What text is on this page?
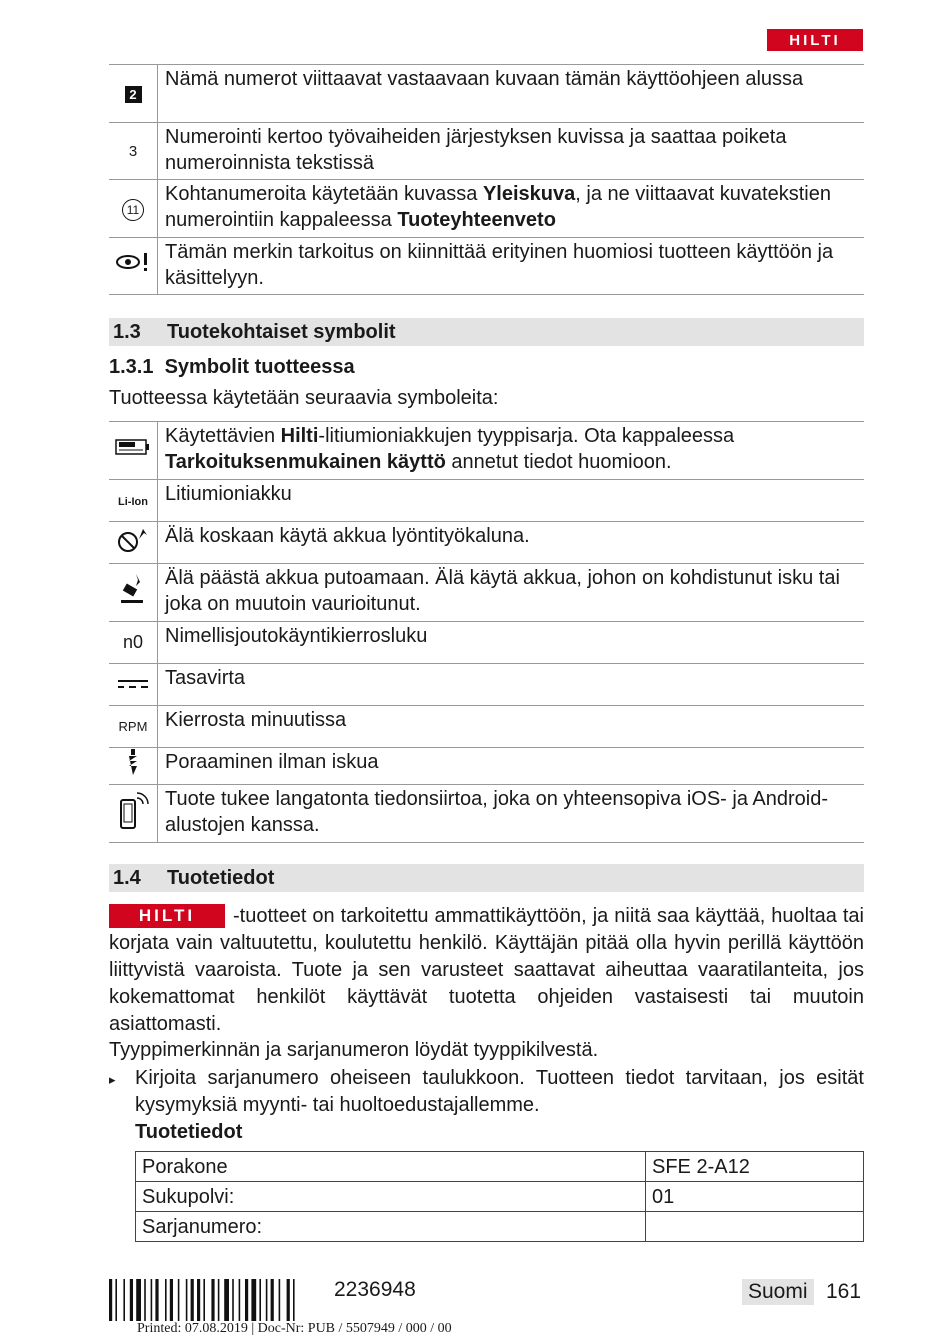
HILTI
2	Nämä numerot viittaavat vastaavaan kuvaan tämän käyttöohjeen alussa
3	Numerointi kertoo työvaiheiden järjestyksen kuvissa ja saattaa poiketa numeroinnista tekstissä
11	Kohtanumeroita käytetään kuvassa Yleiskuva, ja ne viittaavat kuvatekstien numerointiin kappaleessa Tuoteyhteenveto
	Tämän merkin tarkoitus on kiinnittää erityinen huomiosi tuotteen käyttöön ja käsittelyyn.
1.3 Tuotekohtaiset symbolit
1.3.1  Symbolit tuotteessa
Tuotteessa käytetään seuraavia symboleita:
	Käytettävien Hilti-litiumioniakkujen tyyppisarja. Ota kappaleessa Tarkoituksenmukainen käyttö annetut tiedot huomioon.
Li-Ion	Litiumioniakku
	Älä koskaan käytä akkua lyöntityökaluna.
	Älä päästä akkua putoamaan. Älä käytä akkua, johon on kohdistunut isku tai joka on muutoin vaurioitunut.
n0	Nimellisjoutokäyntikierrosluku
	Tasavirta
RPM	Kierrosta minuutissa
	Poraaminen ilman iskua
	Tuote tukee langatonta tiedonsiirtoa, joka on yhteensopiva iOS- ja Android-alustojen kanssa.
1.4 Tuotetiedot
HILTI	-tuotteet on tarkoitettu ammattikäyttöön, ja niitä saa käyttää, huoltaa tai korjata vain valtuutettu, koulutettu henkilö. Käyttäjän pitää olla hyvin perillä käyttöön liittyvistä vaaroista. Tuote ja sen varusteet saattavat aiheuttaa vaaratilanteita, jos kokemattomat henkilöt käyttävät tuotetta ohjeiden vastaisesti tai muutoin asiattomasti.
Tyyppimerkinnän ja sarjanumeron löydät tyyppikilvestä.
▸ Kirjoita sarjanumero oheiseen taulukkoon. Tuotteen tiedot tarvitaan, jos esität kysymyksiä myynti- tai huoltoedustajallemme.
Tuotetiedot
Porakone	SFE 2-A12
Sukupolvi:	01
Sarjanumero:	
2236948	Suomi 161
Printed: 07.08.2019 | Doc-Nr: PUB / 5507949 / 000 / 00
